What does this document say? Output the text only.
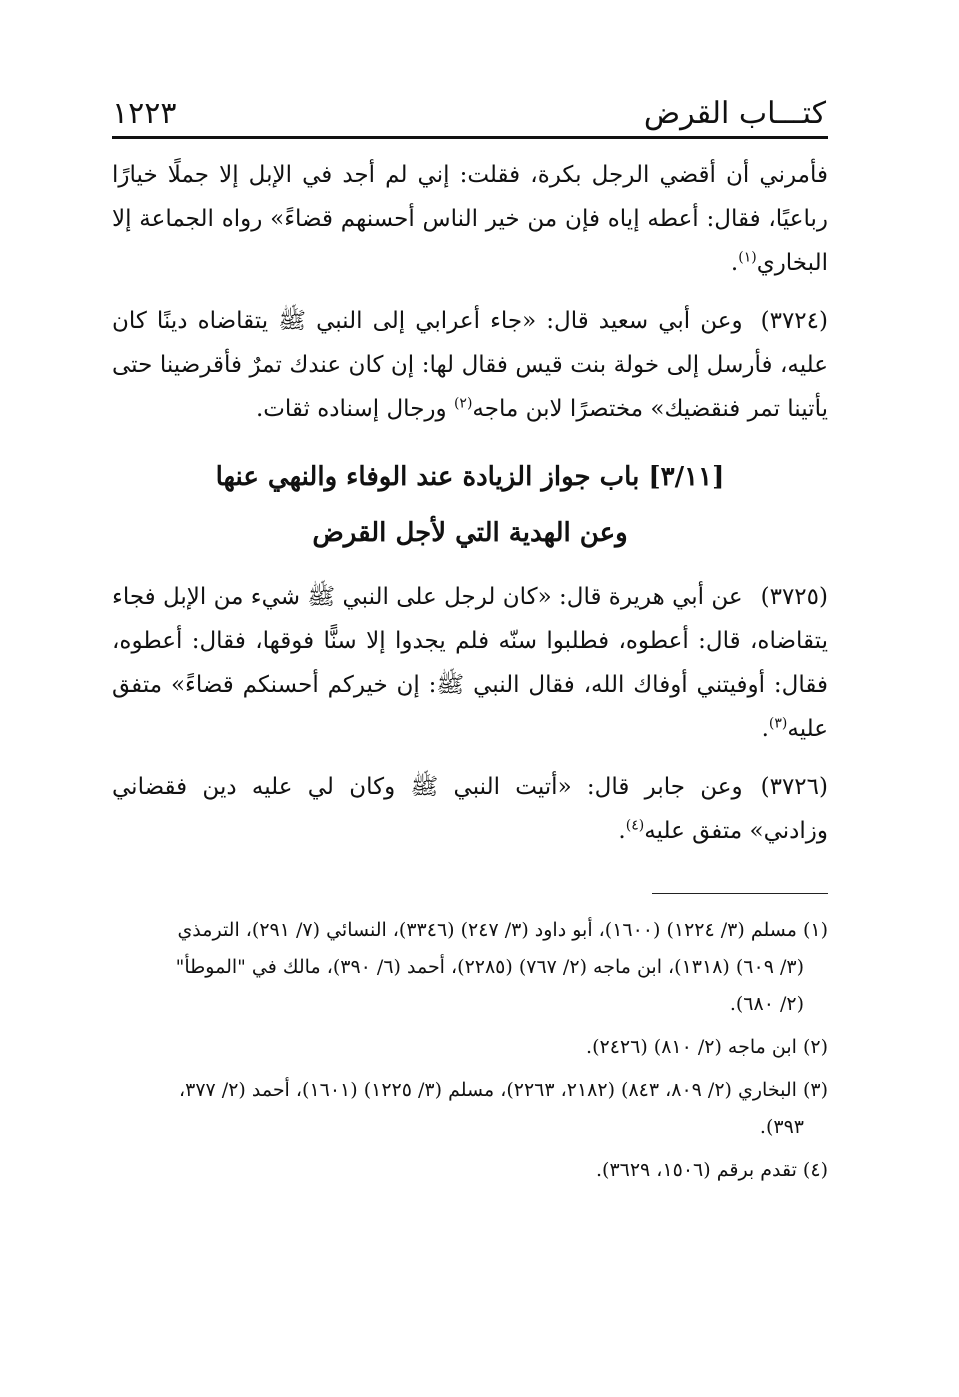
كتـــاب القرض
١٢٢٣

فأمرني أن أقضي الرجل بكرة، فقلت: إني لم أجد في الإبل إلا جملًا خيارًا رباعيًا، فقال: أعطه إياه فإن من خير الناس أحسنهم قضاءً» رواه الجماعة إلا البخاري$^{(١)}$.

(٣٧٢٤)وعن أبي سعيد قال: «جاء أعرابي إلى النبي ﷺ يتقاضاه دينًا كان عليه، فأرسل إلى خولة بنت قيس فقال لها: إن كان عندك تمرٌ فأقرضينا حتى يأتينا تمر فنقضيك» مختصرًا لابن ماجه$^{(٢)}$ ورجال إسناده ثقات.

[٣/١١] باب جواز الزيادة عند الوفاء والنهي عنها
وعن الهدية التي لأجل القرض

(٣٧٢٥)عن أبي هريرة قال: «كان لرجل على النبي ﷺ شيء من الإبل فجاء يتقاضاه، قال: أعطوه، فطلبوا سنّه فلم يجدوا إلا سنًّا فوقها، فقال: أعطوه، فقال: أوفيتني أوفاك الله، فقال النبي ﷺ: إن خيركم أحسنكم قضاءً» متفق عليه$^{(٣)}$.

(٣٧٢٦)وعن جابر قال: «أتيت النبي ﷺ وكان لي عليه دين فقضاني وزادني» متفق عليه$^{(٤)}$.

(١) مسلم (٣/ ١٢٢٤) (١٦٠٠)، أبو داود (٣/ ٢٤٧) (٣٣٤٦)، النسائي (٧/ ٢٩١)، الترمذي
(٣/ ٦٠٩) (١٣١٨)، ابن ماجه (٢/ ٧٦٧) (٢٢٨٥)، أحمد (٦/ ٣٩٠)، مالك في "الموطأ"
(٢/ ٦٨٠).
(٢) ابن ماجه (٢/ ٨١٠) (٢٤٢٦).
(٣) البخاري (٢/ ٨٠٩، ٨٤٣) (٢١٨٢، ٢٢٦٣)، مسلم (٣/ ١٢٢٥) (١٦٠١)، أحمد (٢/ ٣٧٧،
٣٩٣).
(٤) تقدم برقم (١٥٠٦، ٣٦٢٩).
